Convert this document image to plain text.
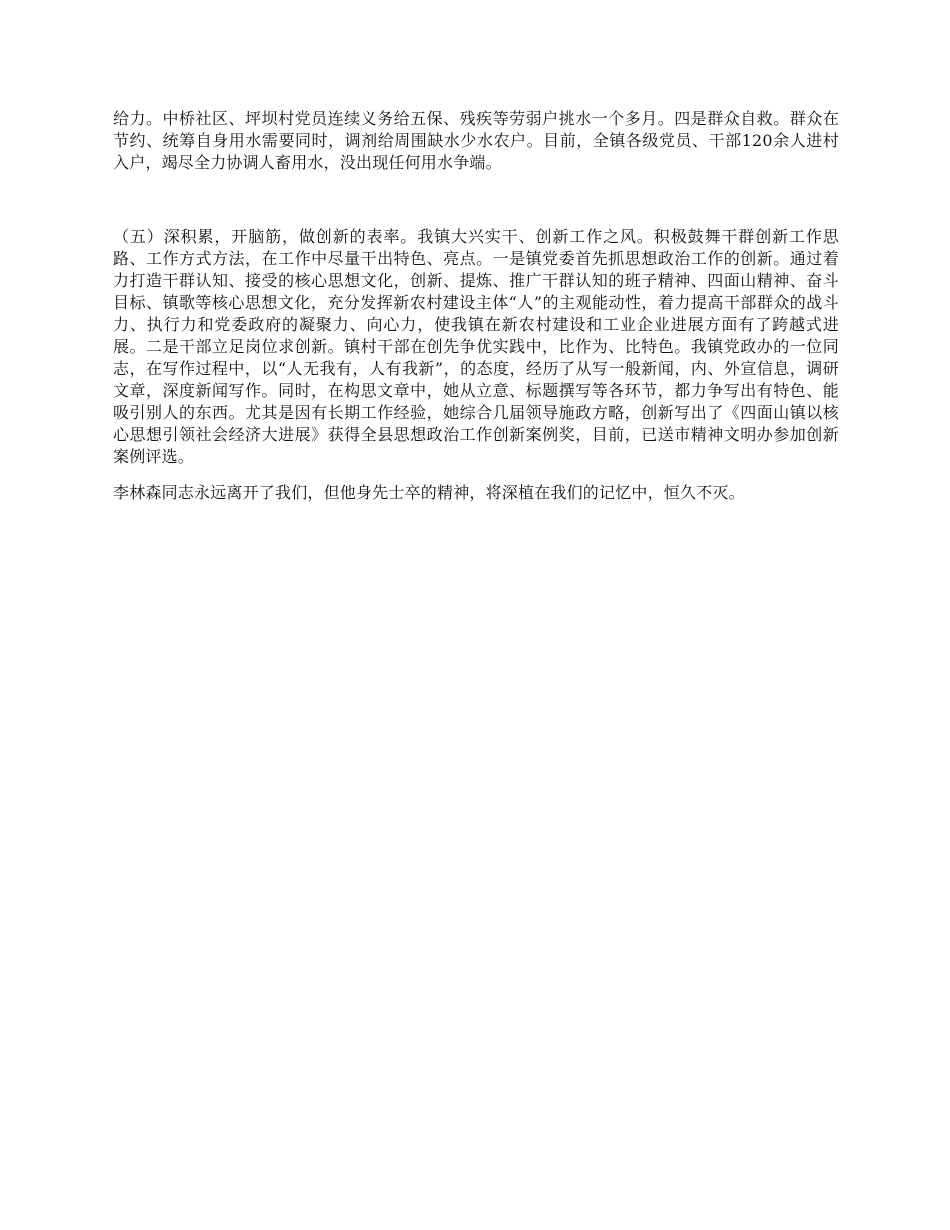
给力。中桥社区、坪坝村党员连续义务给五保、残疾等劳弱户挑水一个多月。四是群众自救。群众在节约、统筹自身用水需要同时，调剂给周围缺水少水农户。目前，全镇各级党员、干部120余人进村入户，竭尽全力协调人畜用水，没出现任何用水争端。

（五）深积累，开脑筋，做创新的表率。我镇大兴实干、创新工作之风。积极鼓舞干群创新工作思路、工作方式方法，在工作中尽量干出特色、亮点。一是镇党委首先抓思想政治工作的创新。通过着力打造干群认知、接受的核心思想文化，创新、提炼、推广干群认知的班子精神、四面山精神、奋斗目标、镇歌等核心思想文化，充分发挥新农村建设主体“人”的主观能动性，着力提高干部群众的战斗力、执行力和党委政府的凝聚力、向心力，使我镇在新农村建设和工业企业进展方面有了跨越式进展。二是干部立足岗位求创新。镇村干部在创先争优实践中，比作为、比特色。我镇党政办的一位同志，在写作过程中，以“人无我有，人有我新”，的态度，经历了从写一般新闻，内、外宣信息，调研文章，深度新闻写作。同时，在构思文章中，她从立意、标题撰写等各环节，都力争写出有特色、能吸引别人的东西。尤其是因有长期工作经验，她综合几届领导施政方略，创新写出了《四面山镇以核心思想引领社会经济大进展》获得全县思想政治工作创新案例奖，目前，已送市精神文明办参加创新案例评选。

李林森同志永远离开了我们，但他身先士卒的精神，将深植在我们的记忆中，恒久不灭。
